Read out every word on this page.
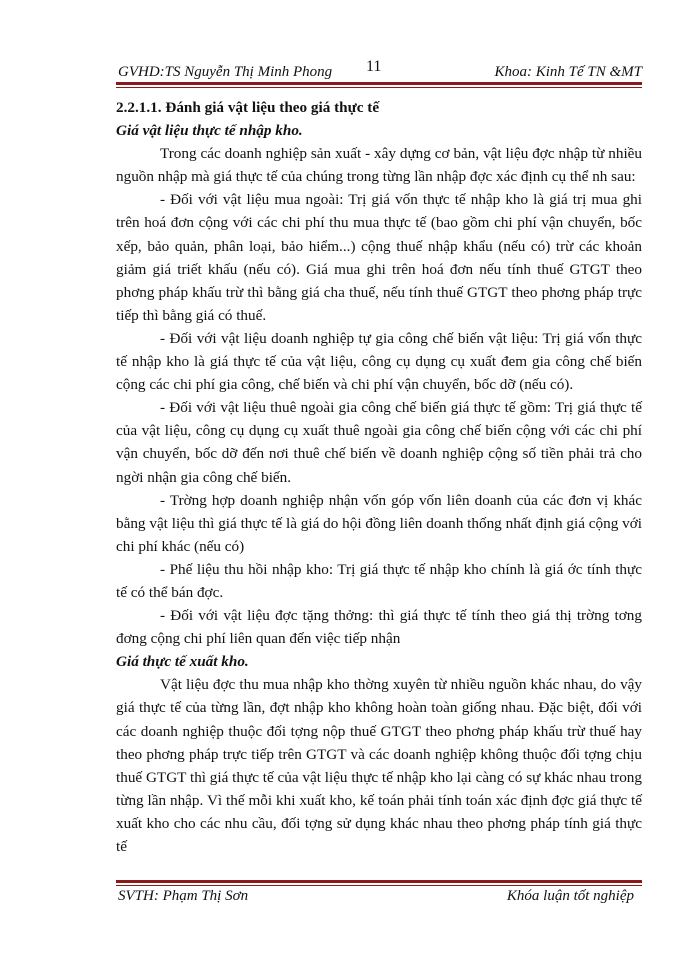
GVHD:TS Nguyễn Thị Minh Phong 11	Khoa: Kinh Tế TN &MT

2.2.1.1. Đánh giá vật liệu theo giá thực tế

Giá vật liệu thực tế nhập kho.

Trong các doanh nghiệp sản xuất - xây dựng cơ bản, vật liệu đợc nhập từ nhiều nguồn nhập mà giá thực tế của chúng trong từng lần nhập đợc xác định cụ thể nh sau:

- Đối với vật liệu mua ngoài: Trị giá vốn thực tế nhập kho là giá trị mua ghi trên hoá đơn cộng với các chi phí thu mua thực tế (bao gồm chi phí vận chuyển, bốc xếp, bảo quản, phân loại, bảo hiểm...) cộng thuế nhập khẩu (nếu có) trừ các khoản giảm giá triết khấu (nếu có). Giá mua ghi trên hoá đơn nếu tính thuế GTGT theo phơng pháp khấu trừ thì bằng giá cha thuế, nếu tính thuế GTGT theo phơng pháp trực tiếp thì bằng giá có thuế.

- Đối với vật liệu doanh nghiệp tự gia công chế biến vật liệu: Trị giá vốn thực tế nhập kho là giá thực tế của vật liệu, công cụ dụng cụ xuất đem gia công chế biến cộng các chi phí gia công, chế biến và chi phí vận chuyển, bốc dỡ (nếu có).

- Đối với vật liệu thuê ngoài gia công chế biến giá thực tế gồm: Trị giá thực tế của vật liệu, công cụ dụng cụ xuất thuê ngoài gia công chế biến cộng với các chi phí vận chuyển, bốc dỡ đến nơi thuê chế biến về doanh nghiệp cộng số tiền phải trả cho ngời nhận gia công chế biến.

- Trờng hợp doanh nghiệp nhận vốn góp vốn liên doanh của các đơn vị khác bằng vật liệu thì giá thực tế là giá do hội đồng liên doanh thống nhất định giá cộng với chi phí khác (nếu có)

- Phế liệu thu hồi nhập kho: Trị giá thực tế nhập kho chính là giá ớc tính thực tế có thể bán đợc.

- Đối với vật liệu đợc tặng thởng: thì giá thực tế tính theo giá thị trờng tơng đơng cộng chi phí liên quan đến việc tiếp nhận

Giá thực tế xuất kho.

Vật liệu đợc thu mua nhập kho thờng xuyên từ nhiều nguồn khác nhau, do vậy giá thực tế của từng lần, đợt nhập kho không hoàn toàn giống nhau. Đặc biệt, đối với các doanh nghiệp thuộc đối tợng nộp thuế GTGT theo phơng pháp khấu trừ thuế hay theo phơng pháp trực tiếp trên GTGT và các doanh nghiệp không thuộc đối tợng chịu thuế GTGT thì giá thực tế của vật liệu thực tế nhập kho lại càng có sự khác nhau trong từng lần nhập. Vì thế mỗi khi xuất kho, kế toán phải tính toán xác định đợc giá thực tế xuất kho cho các nhu cầu, đối tợng sử dụng khác nhau theo phơng pháp tính giá thực tế

SVTH: Phạm Thị Sơn	Khóa luận tốt nghiệp
